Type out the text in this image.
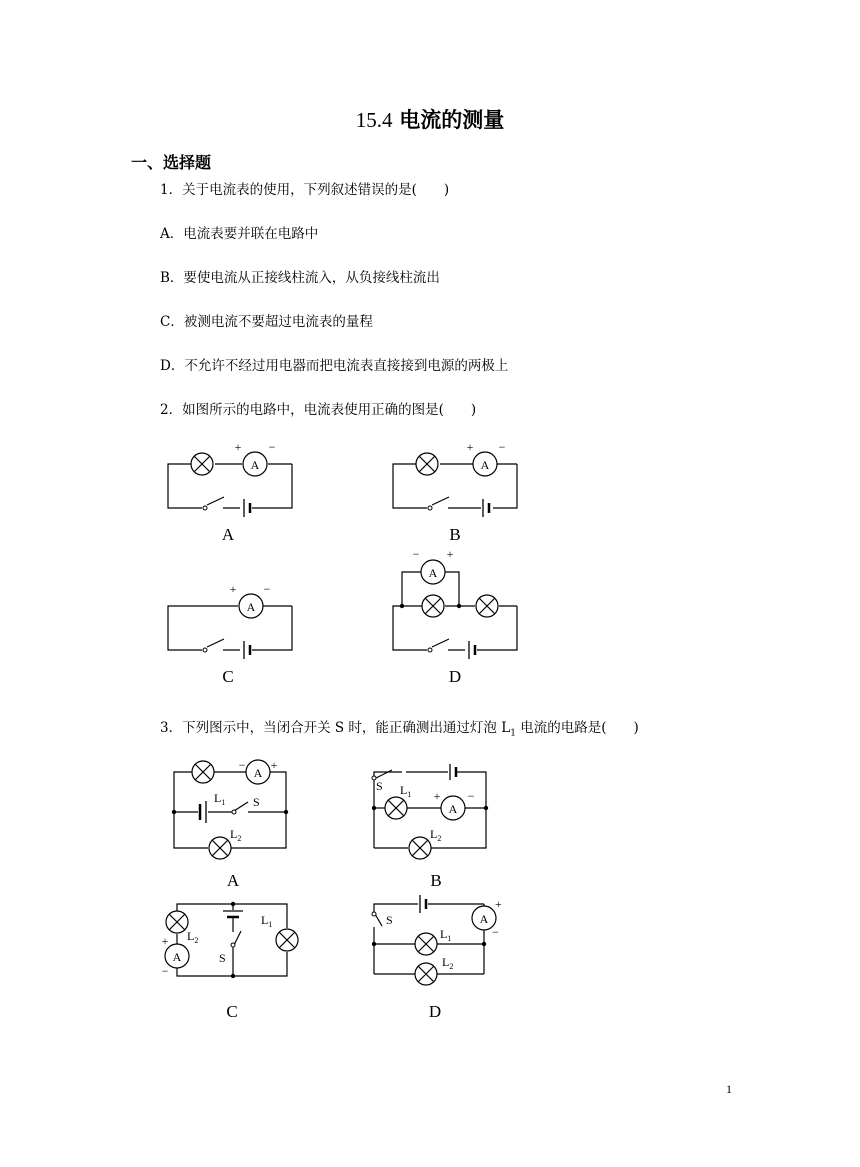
15.4 电流的测量
一、选择题
1．关于电流表的使用，下列叙述错误的是(　　)
A．电流表要并联在电路中
B．要使电流从正接线柱流入，从负接线柱流出
C．被测电流不要超过电流表的量程
D．不允许不经过用电器而把电流表直接接到电源的两极上
2．如图所示的电路中，电流表使用正确的图是(　　)
A
+ −
A
A
+ −
B
A
+ −
C
A
− +
D
3．下列图示中，当闭合开关 S 时，能正确测出通过灯泡 $L_1$ 电流的电路是(　　)
A
− +
$L_1$ S
$L_2$
A
S $L_1$
A
+ −
$L_2$
B
$L_2$
+
A
−
S
$L_1$
C
S	A
+
−
$L_1$
$L_2$
D
1
